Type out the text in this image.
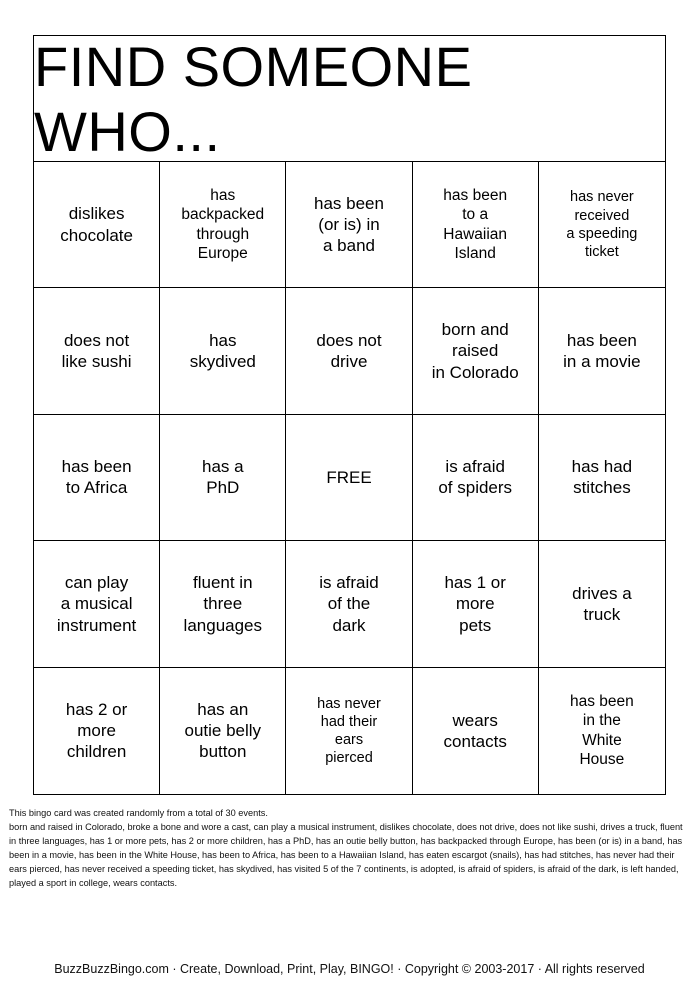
FIND SOMEONE WHO...
dislikes
chocolate
has
backpacked
through
Europe
has been
(or is) in
a band
has been
to a
Hawaiian
Island
has never
received
a speeding
ticket
does not
like sushi
has
skydived
does not
drive
born and
raised
in Colorado
has been
in a movie
has been
to Africa
has a
PhD
FREE
is afraid
of spiders
has had
stitches
can play
a musical
instrument
fluent in
three
languages
is afraid
of the
dark
has 1 or
more
pets
drives a
truck
has 2 or
more
children
has an
outie belly
button
has never
had their
ears
pierced
wears
contacts
has been
in the
White
House

This bingo card was created randomly from a total of 30 events.

born and raised in Colorado, broke a bone and wore a cast, can play a musical instrument, dislikes chocolate, does not drive, does not like sushi, drives a truck, fluent in three languages, has 1 or more pets, has 2 or more children, has a PhD, has an outie belly button, has backpacked through Europe, has been (or is) in a band, has been in a movie, has been in the White House, has been to Africa, has been to a Hawaiian Island, has eaten escargot (snails), has had stitches, has never had their ears pierced, has never received a speeding ticket, has skydived, has visited 5 of the 7 continents, is adopted, is afraid of spiders, is afraid of the dark, is left handed, played a sport in college, wears contacts.

BuzzBuzzBingo.com · Create, Download, Print, Play, BINGO! · Copyright © 2003-2017 · All rights reserved
